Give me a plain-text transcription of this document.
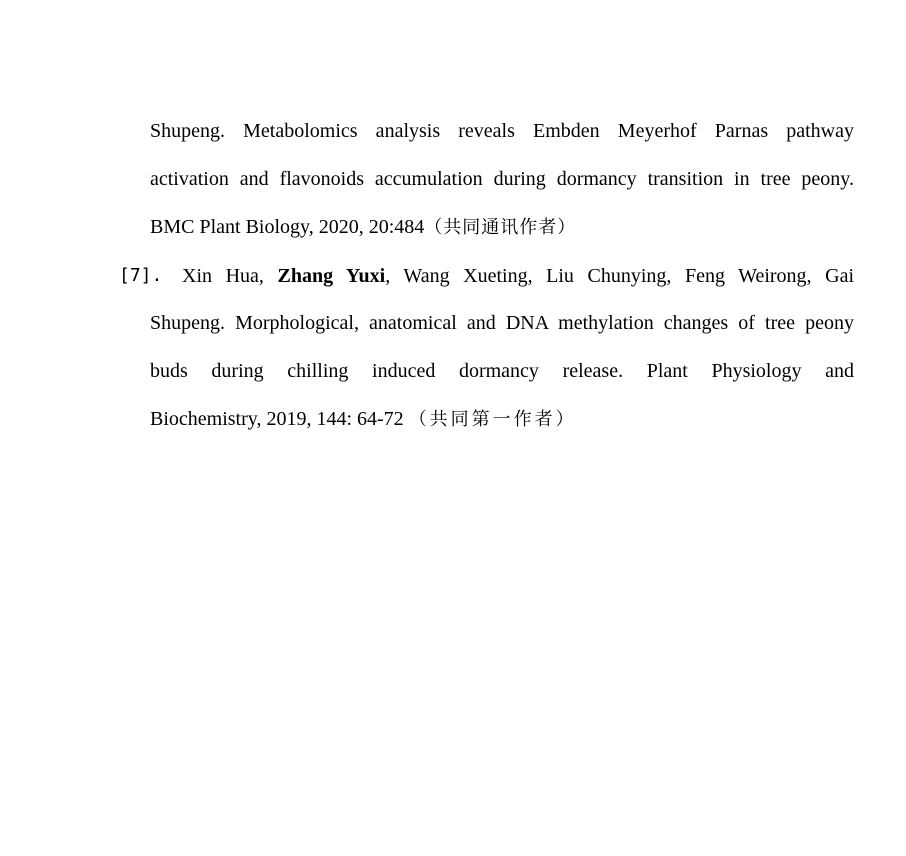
Shupeng. Metabolomics analysis reveals Embden Meyerhof Parnas pathway
activation and flavonoids accumulation during dormancy transition in tree peony.
BMC Plant Biology, 2020, 20:484（共同通讯作者）
[7]. Xin Hua, Zhang Yuxi, Wang Xueting, Liu Chunying, Feng Weirong, Gai
Shupeng. Morphological, anatomical and DNA methylation changes of tree peony
buds during chilling induced dormancy release. Plant Physiology and
Biochemistry, 2019, 144: 64-72 （共同第一作者）
